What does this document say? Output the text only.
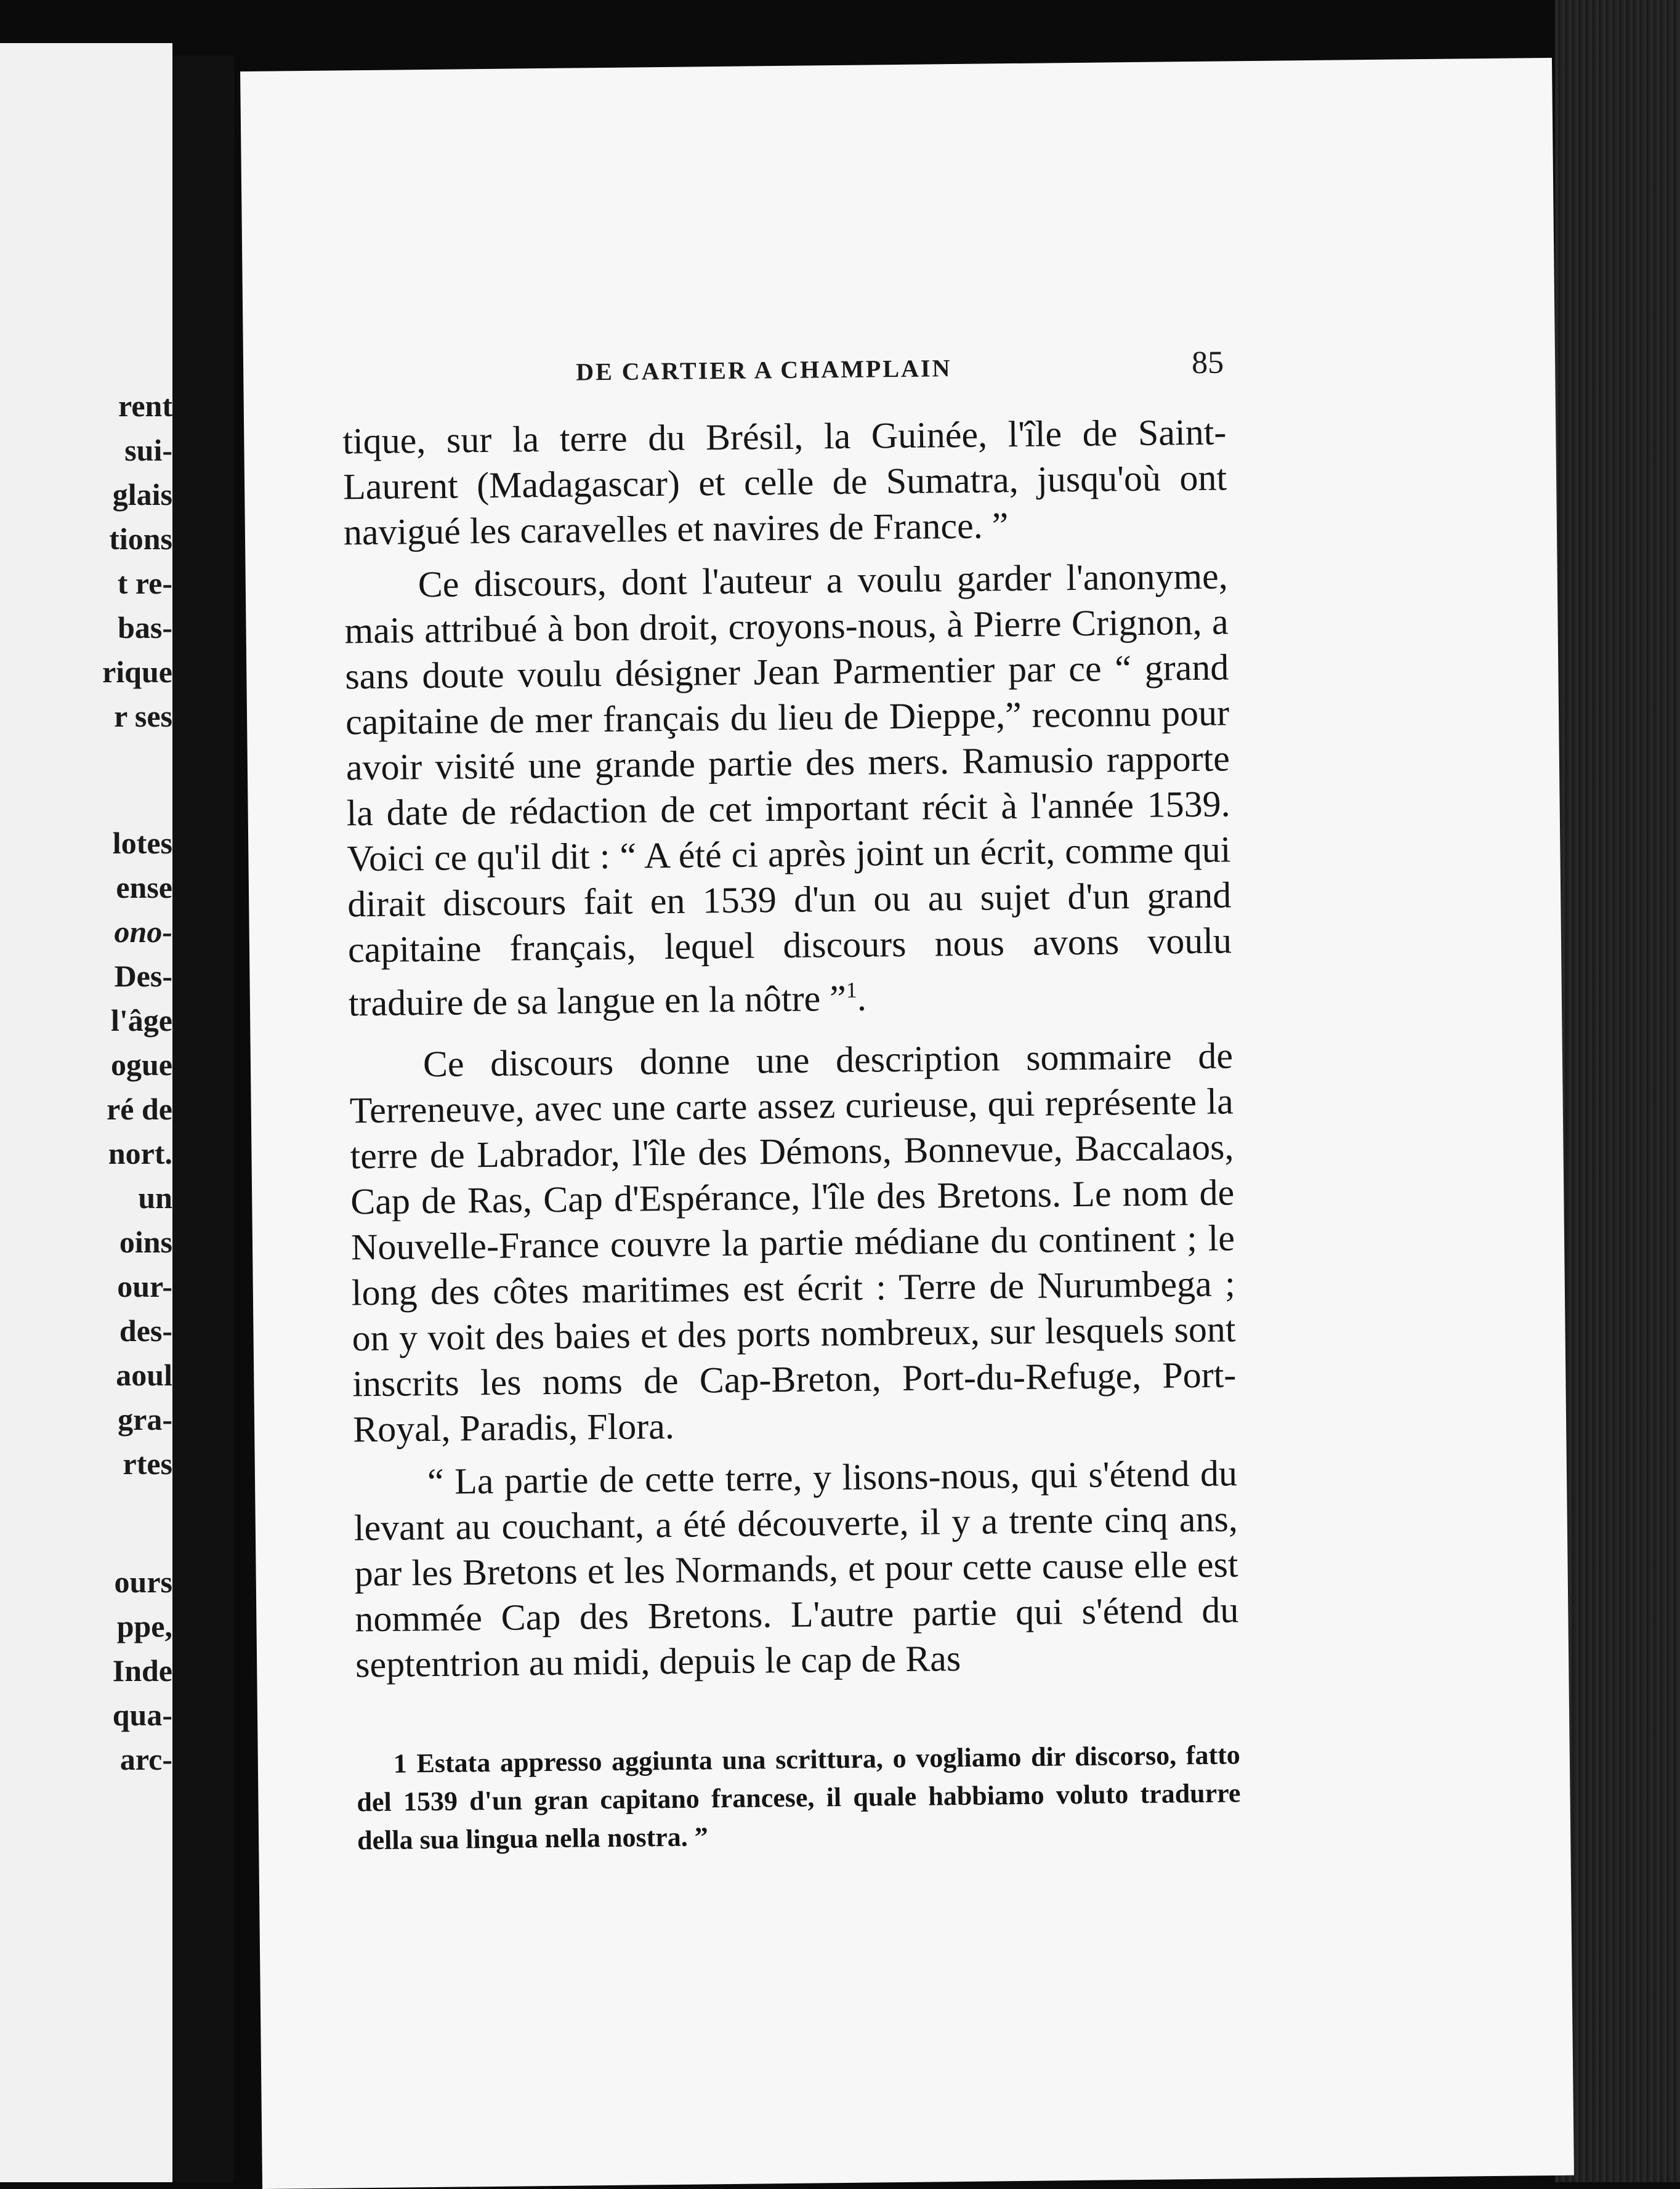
rent
sui-
glais
tions
t re-
bas-
rique
r ses
lotes
ense
ono-
Des-
l'âge
ogue
ré de
nort.
un
oins
our-
des-
aoul
gra-
rtes
ours
ppe,
Inde
qua-
arc-
DE CARTIER A CHAMPLAIN	85

tique, sur la terre du Brésil, la Guinée, l'île de Saint-Laurent (Madagascar) et celle de Sumatra, jusqu'où ont navigué les caravelles et navires de France. ”

Ce discours, dont l'auteur a voulu garder l'anonyme, mais attribué à bon droit, croyons-nous, à Pierre Crignon, a sans doute voulu désigner Jean Parmentier par ce “ grand capitaine de mer français du lieu de Dieppe,” reconnu pour avoir visité une grande partie des mers. Ramusio rapporte la date de rédaction de cet important récit à l'année 1539. Voici ce qu'il dit : “ A été ci après joint un écrit, comme qui dirait discours fait en 1539 d'un ou au sujet d'un grand capitaine français, lequel discours nous avons voulu traduire de sa langue en la nôtre ”$^1$.

Ce discours donne une description sommaire de Terreneuve, avec une carte assez curieuse, qui représente la terre de Labrador, l'île des Démons, Bonnevue, Baccalaos, Cap de Ras, Cap d'Espérance, l'île des Bretons. Le nom de Nouvelle-France couvre la partie médiane du continent ; le long des côtes maritimes est écrit : Terre de Nurumbega ; on y voit des baies et des ports nombreux, sur lesquels sont inscrits les noms de Cap-Breton, Port-du-Refuge, Port-Royal, Paradis, Flora.

“ La partie de cette terre, y lisons-nous, qui s'étend du levant au couchant, a été découverte, il y a trente cinq ans, par les Bretons et les Normands, et pour cette cause elle est nommée Cap des Bretons. L'autre partie qui s'étend du septentrion au midi, depuis le cap de Ras

1 Estata appresso aggiunta una scrittura, o vogliamo dir discorso, fatto del 1539 d'un gran capitano francese, il quale habbiamo voluto tradurre della sua lingua nella nostra. ”
